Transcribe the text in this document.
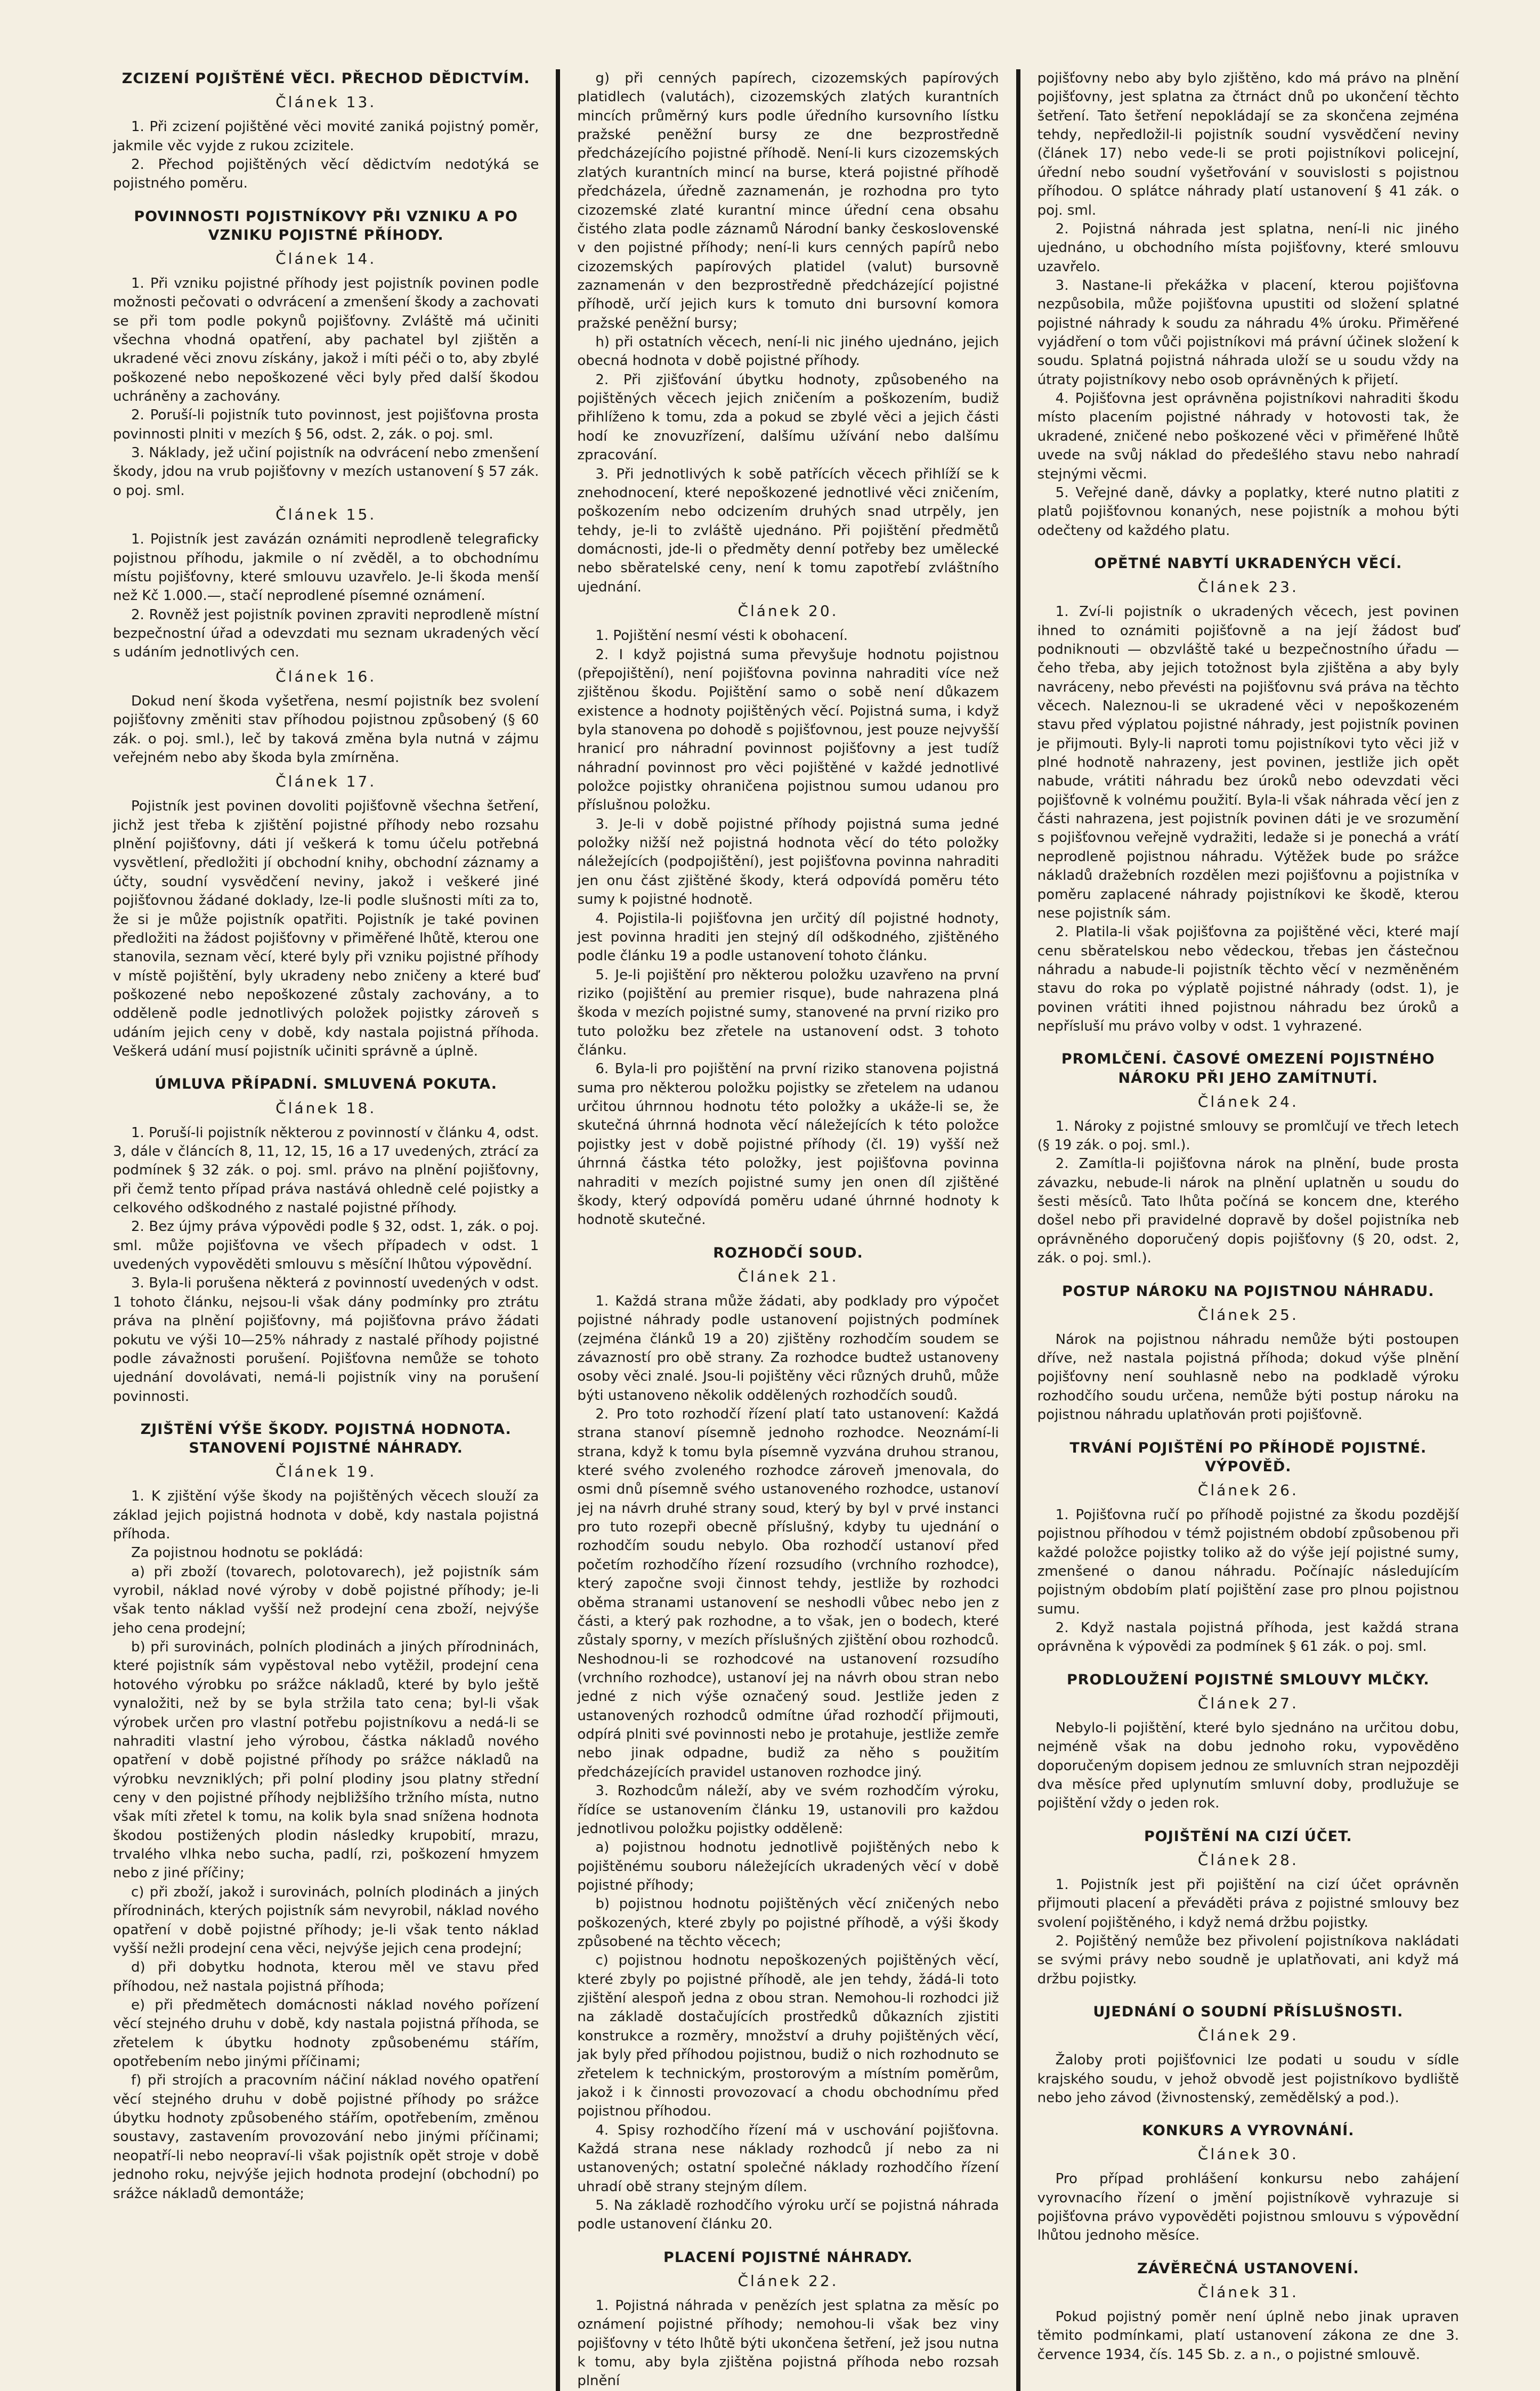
ZCIZENÍ POJIŠTĚNÉ VĚCI. PŘECHOD DĚDICTVÍM.
Článek 13.

1. Při zcizení pojištěné věci movité zaniká pojistný poměr, jakmile věc vyjde z rukou zcizitele.

2. Přechod pojištěných věcí dědictvím nedotýká se pojistného poměru.

POVINNOSTI POJISTNÍKOVY PŘI VZNIKU A PO VZNIKU POJISTNÉ PŘÍHODY.
Článek 14.

1. Při vzniku pojistné příhody jest pojistník povinen podle možnosti pečovati o odvrácení a zmenšení škody a zachovati se při tom podle pokynů pojišťovny. Zvláště má učiniti všechna vhodná opatření, aby pachatel byl zjištěn a ukradené věci znovu získány, jakož i míti péči o to, aby zbylé poškozené nebo nepoškozené věci byly před další škodou uchráněny a zachovány.

2. Poruší-li pojistník tuto povinnost, jest pojišťovna prosta povinnosti plniti v mezích § 56, odst. 2, zák. o poj. sml.

3. Náklady, jež učiní pojistník na odvrácení nebo zmenšení škody, jdou na vrub pojišťovny v mezích ustanovení § 57 zák. o poj. sml.

Článek 15.

1. Pojistník jest zavázán oznámiti neprodleně telegraficky pojistnou příhodu, jakmile o ní zvěděl, a to obchodnímu místu pojišťovny, které smlouvu uzavřelo. Je-li škoda menší než Kč 1.000.—, stačí neprodlené písemné oznámení.

2. Rovněž jest pojistník povinen zpraviti neprodleně místní bezpečnostní úřad a odevzdati mu seznam ukradených věcí s udáním jednotlivých cen.

Článek 16.

Dokud není škoda vyšetřena, nesmí pojistník bez svolení pojišťovny změniti stav příhodou pojistnou způsobený (§ 60 zák. o poj. sml.), leč by taková změna byla nutná v zájmu veřejném nebo aby škoda byla zmírněna.

Článek 17.

Pojistník jest povinen dovoliti pojišťovně všechna šetření, jichž jest třeba k zjištění pojistné příhody nebo rozsahu plnění pojišťovny, dáti jí veškerá k tomu účelu potřebná vysvětlení, předložiti jí obchodní knihy, obchodní záznamy a účty, soudní vysvědčení neviny, jakož i veškeré jiné pojišťovnou žádané doklady, lze-li podle slušnosti míti za to, že si je může pojistník opatřiti. Pojistník je také povinen předložiti na žádost pojišťovny v přiměřené lhůtě, kterou one stanovila, seznam věcí, které byly při vzniku pojistné příhody v místě pojištění, byly ukradeny nebo zničeny a které buď poškozené nebo nepoškozené zůstaly zachovány, a to odděleně podle jednotlivých položek pojistky zároveň s udáním jejich ceny v době, kdy nastala pojistná příhoda. Veškerá udání musí pojistník učiniti správně a úplně.

ÚMLUVA PŘÍPADNÍ. SMLUVENÁ POKUTA.
Článek 18.

1. Poruší-li pojistník některou z povinností v článku 4, odst. 3, dále v článcích 8, 11, 12, 15, 16 a 17 uvedených, ztrácí za podmínek § 32 zák. o poj. sml. právo na plnění pojišťovny, při čemž tento případ práva nastává ohledně celé pojistky a celkového odškodného z nastalé pojistné příhody.

2. Bez újmy práva výpovědi podle § 32, odst. 1, zák. o poj. sml. může pojišťovna ve všech případech v odst. 1 uvedených vypověděti smlouvu s měsíční lhůtou výpovědní.

3. Byla-li porušena některá z povinností uvedených v odst. 1 tohoto článku, nejsou-li však dány podmínky pro ztrátu práva na plnění pojišťovny, má pojišťovna právo žádati pokutu ve výši 10—25% náhrady z nastalé příhody pojistné podle závažnosti porušení. Pojišťovna nemůže se tohoto ujednání dovolávati, nemá-li pojistník viny na porušení povinnosti.

ZJIŠTĚNÍ VÝŠE ŠKODY. POJISTNÁ HODNOTA. STANOVENÍ POJISTNÉ NÁHRADY.
Článek 19.

1. K zjištění výše škody na pojištěných věcech slouží za základ jejich pojistná hodnota v době, kdy nastala pojistná příhoda.

Za pojistnou hodnotu se pokládá:

a) při zboží (tovarech, polotovarech), jež pojistník sám vyrobil, náklad nové výroby v době pojistné příhody; je-li však tento náklad vyšší než prodejní cena zboží, nejvýše jeho cena prodejní;

b) při surovinách, polních plodinách a jiných přírodninách, které pojistník sám vypěstoval nebo vytěžil, prodejní cena hotového výrobku po srážce nákladů, které by bylo ještě vynaložiti, než by se byla stržila tato cena; byl-li však výrobek určen pro vlastní potřebu pojistníkovu a nedá-li se nahraditi vlastní jeho výrobou, částka nákladů nového opatření v době pojistné příhody po srážce nákladů na výrobku nevzniklých; při polní plodiny jsou platny střední ceny v den pojistné příhody nejbližšího tržního místa, nutno však míti zřetel k tomu, na kolik byla snad snížena hodnota škodou postižených plodin následky krupobití, mrazu, trvalého vlhka nebo sucha, padlí, rzi, poškození hmyzem nebo z jiné příčiny;

c) při zboží, jakož i surovinách, polních plodinách a jiných přírodninách, kterých pojistník sám nevyrobil, náklad nového opatření v době pojistné příhody; je-li však tento náklad vyšší nežli prodejní cena věci, nejvýše jejich cena prodejní;

d) při dobytku hodnota, kterou měl ve stavu před příhodou, než nastala pojistná příhoda;

e) při předmětech domácnosti náklad nového pořízení věcí stejného druhu v době, kdy nastala pojistná příhoda, se zřetelem k úbytku hodnoty způsobenému stářím, opotřebením nebo jinými příčinami;

f) při strojích a pracovním náčiní náklad nového opatření věcí stejného druhu v době pojistné příhody po srážce úbytku hodnoty způsobeného stářím, opotřebením, změnou soustavy, zastavením provozování nebo jinými příčinami; neopatří-li nebo neopraví-li však pojistník opět stroje v době jednoho roku, nejvýše jejich hodnota prodejní (obchodní) po srážce nákladů demontáže;

g) při cenných papírech, cizozemských papírových platidlech (valutách), cizozemských zlatých kurantních mincích průměrný kurs podle úředního kursovního lístku pražské peněžní bursy ze dne bezprostředně předcházejícího pojistné příhodě. Není-li kurs cizozemských zlatých kurantních mincí na burse, která pojistné příhodě předcházela, úředně zaznamenán, je rozhodna pro tyto cizozemské zlaté kurantní mince úřední cena obsahu čistého zlata podle záznamů Národní banky československé v den pojistné příhody; není-li kurs cenných papírů nebo cizozemských papírových platidel (valut) bursovně zaznamenán v den bezprostředně předcházející pojistné příhodě, určí jejich kurs k tomuto dni bursovní komora pražské peněžní bursy;

h) při ostatních věcech, není-li nic jiného ujednáno, jejich obecná hodnota v době pojistné příhody.

2. Při zjišťování úbytku hodnoty, způsobeného na pojištěných věcech jejich zničením a poškozením, budiž přihlíženo k tomu, zda a pokud se zbylé věci a jejich části hodí ke znovuzřízení, dalšímu užívání nebo dalšímu zpracování.

3. Při jednotlivých k sobě patřících věcech přihlíží se k znehodnocení, které nepoškozené jednotlivé věci zničením, poškozením nebo odcizením druhých snad utrpěly, jen tehdy, je-li to zvláště ujednáno. Při pojištění předmětů domácnosti, jde-li o předměty denní potřeby bez umělecké nebo sběratelské ceny, není k tomu zapotřebí zvláštního ujednání.

Článek 20.

1. Pojištění nesmí vésti k obohacení.

2. I když pojistná suma převyšuje hodnotu pojistnou (přepojištění), není pojišťovna povinna nahraditi více než zjištěnou škodu. Pojištění samo o sobě není důkazem existence a hodnoty pojištěných věcí. Pojistná suma, i když byla stanovena po dohodě s pojišťovnou, jest pouze nejvyšší hranicí pro náhradní povinnost pojišťovny a jest tudíž náhradní povinnost pro věci pojištěné v každé jednotlivé položce pojistky ohraničena pojistnou sumou udanou pro příslušnou položku.

3. Je-li v době pojistné příhody pojistná suma jedné položky nižší než pojistná hodnota věcí do této položky náležejících (podpojištění), jest pojišťovna povinna nahraditi jen onu část zjištěné škody, která odpovídá poměru této sumy k pojistné hodnotě.

4. Pojistila-li pojišťovna jen určitý díl pojistné hodnoty, jest povinna hraditi jen stejný díl odškodného, zjištěného podle článku 19 a podle ustanovení tohoto článku.

5. Je-li pojištění pro některou položku uzavřeno na první riziko (pojištění au premier risque), bude nahrazena plná škoda v mezích pojistné sumy, stanovené na první riziko pro tuto položku bez zřetele na ustanovení odst. 3 tohoto článku.

6. Byla-li pro pojištění na první riziko stanovena pojistná suma pro některou položku pojistky se zřetelem na udanou určitou úhrnnou hodnotu této položky a ukáže-li se, že skutečná úhrnná hodnota věcí náležejících k této položce pojistky jest v době pojistné příhody (čl. 19) vyšší než úhrnná částka této položky, jest pojišťovna povinna nahraditi v mezích pojistné sumy jen onen díl zjištěné škody, který odpovídá poměru udané úhrnné hodnoty k hodnotě skutečné.

ROZHODČÍ SOUD.
Článek 21.

1. Každá strana může žádati, aby podklady pro výpočet pojistné náhrady podle ustanovení pojistných podmínek (zejména článků 19 a 20) zjištěny rozhodčím soudem se závazností pro obě strany. Za rozhodce budtež ustanoveny osoby věci znalé. Jsou-li pojištěny věci různých druhů, může býti ustanoveno několik oddělených rozhodčích soudů.

2. Pro toto rozhodčí řízení platí tato ustanovení: Každá strana stanoví písemně jednoho rozhodce. Neoznámí-li strana, když k tomu byla písemně vyzvána druhou stranou, které svého zvoleného rozhodce zároveň jmenovala, do osmi dnů písemně svého ustanoveného rozhodce, ustanoví jej na návrh druhé strany soud, který by byl v prvé instanci pro tuto rozepři obecně příslušný, kdyby tu ujednání o rozhodčím soudu nebylo. Oba rozhodčí ustanoví před početím rozhodčího řízení rozsudího (vrchního rozhodce), který započne svoji činnost tehdy, jestliže by rozhodci oběma stranami ustanovení se neshodli vůbec nebo jen z části, a který pak rozhodne, a to však, jen o bodech, které zůstaly sporny, v mezích příslušných zjištění obou rozhodců. Neshodnou-li se rozhodcové na ustanovení rozsudího (vrchního rozhodce), ustanoví jej na návrh obou stran nebo jedné z nich výše označený soud. Jestliže jeden z ustanovených rozhodců odmítne úřad rozhodčí přijmouti, odpírá plniti své povinnosti nebo je protahuje, jestliže zemře nebo jinak odpadne, budiž za něho s použitím předcházejících pravidel ustanoven rozhodce jiný.

3. Rozhodcům náleží, aby ve svém rozhodčím výroku, řídíce se ustanovením článku 19, ustanovili pro každou jednotlivou položku pojistky odděleně:

a) pojistnou hodnotu jednotlivě pojištěných nebo k pojištěnému souboru náležejících ukradených věcí v době pojistné příhody;

b) pojistnou hodnotu pojištěných věcí zničených nebo poškozených, které zbyly po pojistné příhodě, a výši škody způsobené na těchto věcech;

c) pojistnou hodnotu nepoškozených pojištěných věcí, které zbyly po pojistné příhodě, ale jen tehdy, žádá-li toto zjištění alespoň jedna z obou stran. Nemohou-li rozhodci již na základě dostačujících prostředků důkazních zjistiti konstrukce a rozměry, množství a druhy pojištěných věcí, jak byly před příhodou pojistnou, budiž o nich rozhodnuto se zřetelem k technickým, prostorovým a místním poměrům, jakož i k činnosti provozovací a chodu obchodnímu před pojistnou příhodou.

4. Spisy rozhodčího řízení má v uschování pojišťovna. Každá strana nese náklady rozhodců jí nebo za ni ustanovených; ostatní společné náklady rozhodčího řízení uhradí obě strany stejným dílem.

5. Na základě rozhodčího výroku určí se pojistná náhrada podle ustanovení článku 20.

PLACENÍ POJISTNÉ NÁHRADY.
Článek 22.

1. Pojistná náhrada v penězích jest splatna za měsíc po oznámení pojistné příhody; nemohou-li však bez viny pojišťovny v této lhůtě býti ukončena šetření, jež jsou nutna k tomu, aby byla zjištěna pojistná příhoda nebo rozsah plnění

pojišťovny nebo aby bylo zjištěno, kdo má právo na plnění pojišťovny, jest splatna za čtrnáct dnů po ukončení těchto šetření. Tato šetření nepokládají se za skončena zejména tehdy, nepředložil-li pojistník soudní vysvědčení neviny (článek 17) nebo vede-li se proti pojistníkovi policejní, úřední nebo soudní vyšetřování v souvislosti s pojistnou příhodou. O splátce náhrady platí ustanovení § 41 zák. o poj. sml.

2. Pojistná náhrada jest splatna, není-li nic jiného ujednáno, u obchodního místa pojišťovny, které smlouvu uzavřelo.

3. Nastane-li překážka v placení, kterou pojišťovna nezpůsobila, může pojišťovna upustiti od složení splatné pojistné náhrady k soudu za náhradu 4% úroku. Přiměřené vyjádření o tom vůči pojistníkovi má právní účinek složení k soudu. Splatná pojistná náhrada uloží se u soudu vždy na útraty pojistníkovy nebo osob oprávněných k přijetí.

4. Pojišťovna jest oprávněna pojistníkovi nahraditi škodu místo placením pojistné náhrady v hotovosti tak, že ukradené, zničené nebo poškozené věci v přiměřené lhůtě uvede na svůj náklad do předešlého stavu nebo nahradí stejnými věcmi.

5. Veřejné daně, dávky a poplatky, které nutno platiti z platů pojišťovnou konaných, nese pojistník a mohou býti odečteny od každého platu.

OPĚTNÉ NABYTÍ UKRADENÝCH VĚCÍ.
Článek 23.

1. Zví-li pojistník o ukradených věcech, jest povinen ihned to oznámiti pojišťovně a na její žádost buď podniknouti — obzvláště také u bezpečnostního úřadu — čeho třeba, aby jejich totožnost byla zjištěna a aby byly navráceny, nebo převésti na pojišťovnu svá práva na těchto věcech. Naleznou-li se ukradené věci v nepoškozeném stavu před výplatou pojistné náhrady, jest pojistník povinen je přijmouti. Byly-li naproti tomu pojistníkovi tyto věci již v plné hodnotě nahrazeny, jest povinen, jestliže jich opět nabude, vrátiti náhradu bez úroků nebo odevzdati věci pojišťovně k volnému použití. Byla-li však náhrada věcí jen z části nahrazena, jest pojistník povinen dáti je ve srozumění s pojišťovnou veřejně vydražiti, ledaže si je ponechá a vrátí neprodleně pojistnou náhradu. Výtěžek bude po srážce nákladů dražebních rozdělen mezi pojišťovnu a pojistníka v poměru zaplacené náhrady pojistníkovi ke škodě, kterou nese pojistník sám.

2. Platila-li však pojišťovna za pojištěné věci, které mají cenu sběratelskou nebo vědeckou, třebas jen částečnou náhradu a nabude-li pojistník těchto věcí v nezměněném stavu do roka po výplatě pojistné náhrady (odst. 1), je povinen vrátiti ihned pojistnou náhradu bez úroků a nepřísluší mu právo volby v odst. 1 vyhrazené.

PROMLČENÍ. ČASOVÉ OMEZENÍ POJISTNÉHO NÁROKU PŘI JEHO ZAMÍTNUTÍ.
Článek 24.

1. Nároky z pojistné smlouvy se promlčují ve třech letech (§ 19 zák. o poj. sml.).

2. Zamítla-li pojišťovna nárok na plnění, bude prosta závazku, nebude-li nárok na plnění uplatněn u soudu do šesti měsíců. Tato lhůta počíná se koncem dne, kterého došel nebo při pravidelné dopravě by došel pojistníka neb oprávněného doporučený dopis pojišťovny (§ 20, odst. 2, zák. o poj. sml.).

POSTUP NÁROKU NA POJISTNOU NÁHRADU.
Článek 25.

Nárok na pojistnou náhradu nemůže býti postoupen dříve, než nastala pojistná příhoda; dokud výše plnění pojišťovny není souhlasně nebo na podkladě výroku rozhodčího soudu určena, nemůže býti postup nároku na pojistnou náhradu uplatňován proti pojišťovně.

TRVÁNÍ POJIŠTĚNÍ PO PŘÍHODĚ POJISTNÉ. VÝPOVĚĎ.
Článek 26.

1. Pojišťovna ručí po příhodě pojistné za škodu pozdější pojistnou příhodou v témž pojistném období způsobenou při každé položce pojistky toliko až do výše její pojistné sumy, zmenšené o danou náhradu. Počínajíc následujícím pojistným obdobím platí pojištění zase pro plnou pojistnou sumu.

2. Když nastala pojistná příhoda, jest každá strana oprávněna k výpovědi za podmínek § 61 zák. o poj. sml.

PRODLOUŽENÍ POJISTNÉ SMLOUVY MLČKY.
Článek 27.

Nebylo-li pojištění, které bylo sjednáno na určitou dobu, nejméně však na dobu jednoho roku, vypověděno doporučeným dopisem jednou ze smluvních stran nejpozději dva měsíce před uplynutím smluvní doby, prodlužuje se pojištění vždy o jeden rok.

POJIŠTĚNÍ NA CIZÍ ÚČET.
Článek 28.

1. Pojistník jest při pojištění na cizí účet oprávněn přijmouti placení a převáděti práva z pojistné smlouvy bez svolení pojištěného, i když nemá držbu pojistky.

2. Pojištěný nemůže bez přivolení pojistníkova nakládati se svými právy nebo soudně je uplatňovati, ani když má držbu pojistky.

UJEDNÁNÍ O SOUDNÍ PŘÍSLUŠNOSTI.
Článek 29.

Žaloby proti pojišťovnici lze podati u soudu v sídle krajského soudu, v jehož obvodě jest pojistníkovo bydliště nebo jeho závod (živnostenský, zemědělský a pod.).

KONKURS A VYROVNÁNÍ.
Článek 30.

Pro případ prohlášení konkursu nebo zahájení vyrovnacího řízení o jmění pojistníkově vyhrazuje si pojišťovna právo vypověděti pojistnou smlouvu s výpovědní lhůtou jednoho měsíce.

ZÁVĚREČNÁ USTANOVENÍ.
Článek 31.

Pokud pojistný poměr není úplně nebo jinak upraven těmito podmínkami, platí ustanovení zákona ze dne 3. července 1934, čís. 145 Sb. z. a n., o pojistné smlouvě.
